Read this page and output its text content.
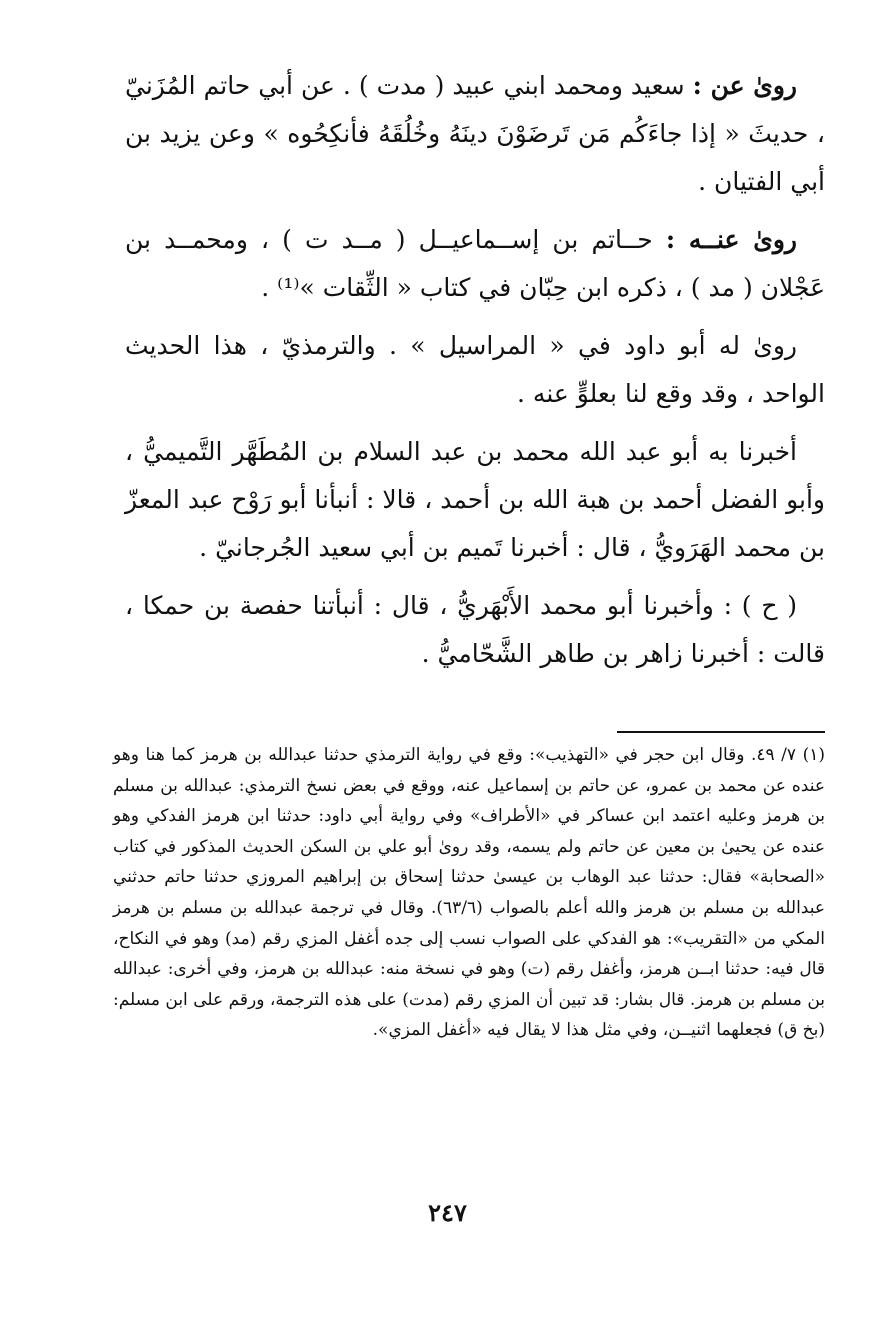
رویٰ عن : سعيد ومحمد ابني عبيد ( مدت ) . عن أبي حاتم المُزَنيّ ، حديثَ « إذا جاءَكُم مَن تَرضَوْنَ دينَهُ وخُلُقَهُ فأنكِحُوه » وعن يزيد بن أبي الفتيان .

رویٰ عنــه : حــاتم بن إســماعيــل ( مــد ت ) ، ومحمــد بن عَجْلان ( مد ) ، ذكره ابن حِبّان في كتاب « الثِّقات »⁽¹⁾ .

رویٰ له أبو داود في « المراسيل » . والترمذيّ ، هذا الحديث الواحد ، وقد وقع لنا بعلوٍّ عنه .

أخبرنا به أبو عبد الله محمد بن عبد السلام بن المُطَهَّر التَّميميُّ ، وأبو الفضل أحمد بن هبة الله بن أحمد ، قالا : أنبأنا أبو رَوْح عبد المعزّ بن محمد الهَرَويُّ ، قال : أخبرنا تَميم بن أبي سعيد الجُرجانيّ .

( ح ) : وأخبرنا أبو محمد الأَبْهَريُّ ، قال : أنبأتنا حفصة بن حمكا ، قالت : أخبرنا زاهر بن طاهر الشَّحّاميُّ .

(١) ٧/ ٤٩. وقال ابن حجر في «التهذيب»: وقع في رواية الترمذي حدثنا عبدالله بن هرمز كما هنا وهو عنده عن محمد بن عمرو، عن حاتم بن إسماعيل عنه، ووقع في بعض نسخ الترمذي: عبدالله بن مسلم بن هرمز وعليه اعتمد ابن عساكر في «الأطراف» وفي رواية أبي داود: حدثنا ابن هرمز الفدكي وهو عنده عن يحيىٰ بن معين عن حاتم ولم يسمه، وقد رویٰ أبو علي بن السكن الحديث المذكور في كتاب «الصحابة» فقال: حدثنا عبد الوهاب بن عيسىٰ حدثنا إسحاق بن إبراهيم المروزي حدثنا حاتم حدثني عبدالله بن مسلم بن هرمز والله أعلم بالصواب (٦٣/٦). وقال في ترجمة عبدالله بن مسلم بن هرمز المكي من «التقريب»: هو الفدكي على الصواب نسب إلى جده أغفل المزي رقم (مد) وهو في النكاح، قال فيه: حدثنا ابــن هرمز، وأغفل رقم (ت) وهو في نسخة منه: عبدالله بن هرمز، وفي أخرى: عبدالله بن مسلم بن هرمز. قال بشار: قد تبين أن المزي رقم (مدت) على هذه الترجمة، ورقم على ابن مسلم: (بخ ق) فجعلهما اثنيــن، وفي مثل هذا لا يقال فيه «أغفل المزي».

٢٤٧
